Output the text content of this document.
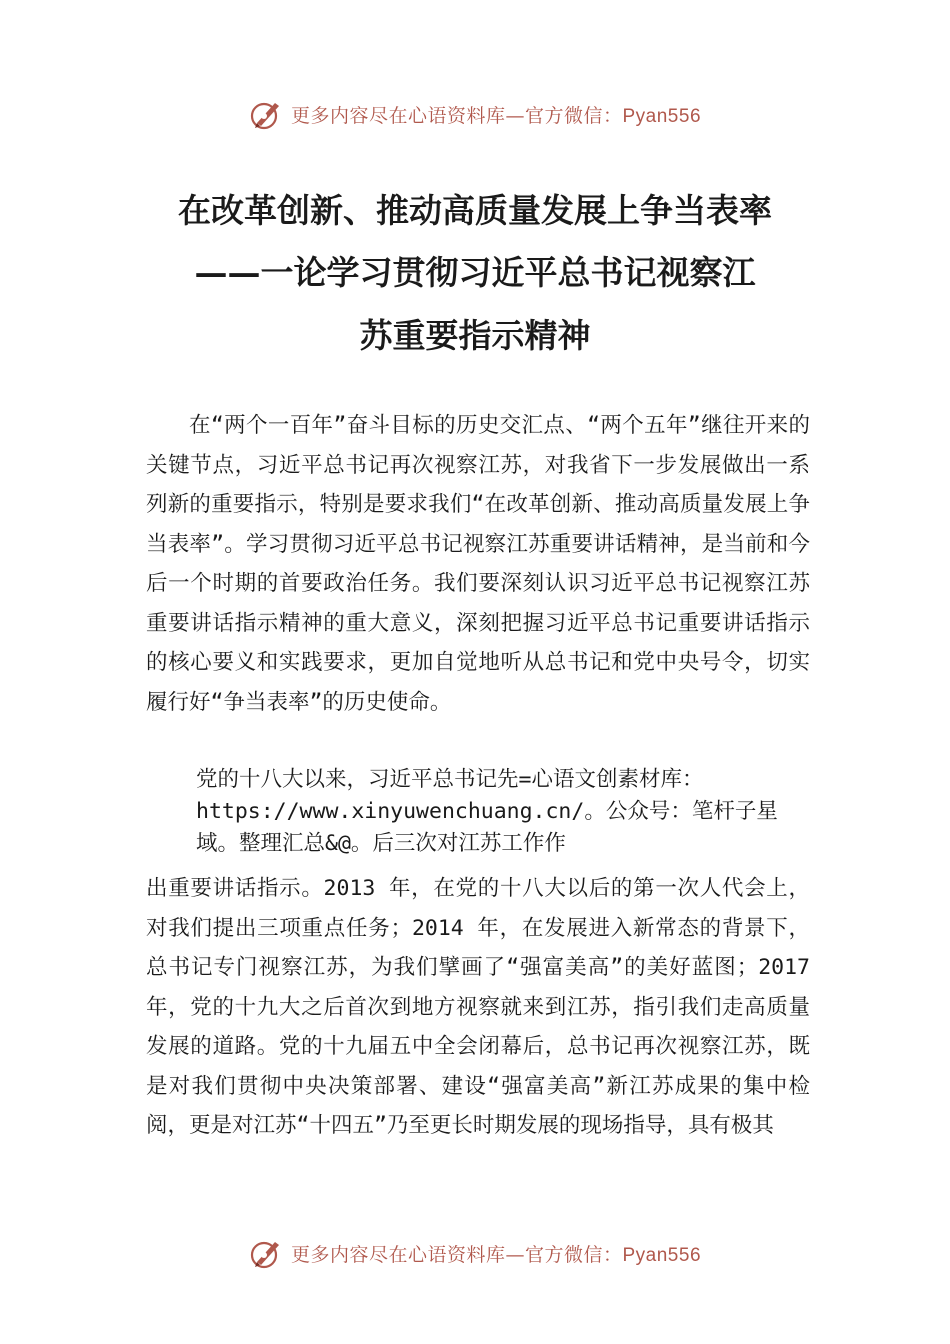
更多内容尽在心语资料库—官方微信：Pyan556
在改革创新、推动高质量发展上争当表率
——一论学习贯彻习近平总书记视察江
苏重要指示精神

在“两个一百年”奋斗目标的历史交汇点、“两个五年”继往开来的关键节点，习近平总书记再次视察江苏，对我省下一步发展做出一系列新的重要指示，特别是要求我们“在改革创新、推动高质量发展上争当表率”。学习贯彻习近平总书记视察江苏重要讲话精神，是当前和今后一个时期的首要政治任务。我们要深刻认识习近平总书记视察江苏重要讲话指示精神的重大意义，深刻把握习近平总书记重要讲话指示的核心要义和实践要求，更加自觉地听从总书记和党中央号令，切实履行好“争当表率”的历史使命。

党的十八大以来，习近平总书记先=心语文创素材库：https://www.xinyuwenchuang.cn/。公众号：笔杆子星域。整理汇总&@。后三次对江苏工作作

出重要讲话指示。2013 年，在党的十八大以后的第一次人代会上，对我们提出三项重点任务；2014 年，在发展进入新常态的背景下，总书记专门视察江苏，为我们擘画了“强富美高”的美好蓝图；2017 年，党的十九大之后首次到地方视察就来到江苏，指引我们走高质量发展的道路。党的十九届五中全会闭幕后，总书记再次视察江苏，既是对我们贯彻中央决策部署、建设“强富美高”新江苏成果的集中检阅，更是对江苏“十四五”乃至更长时期发展的现场指导，具有极其

更多内容尽在心语资料库—官方微信：Pyan556
